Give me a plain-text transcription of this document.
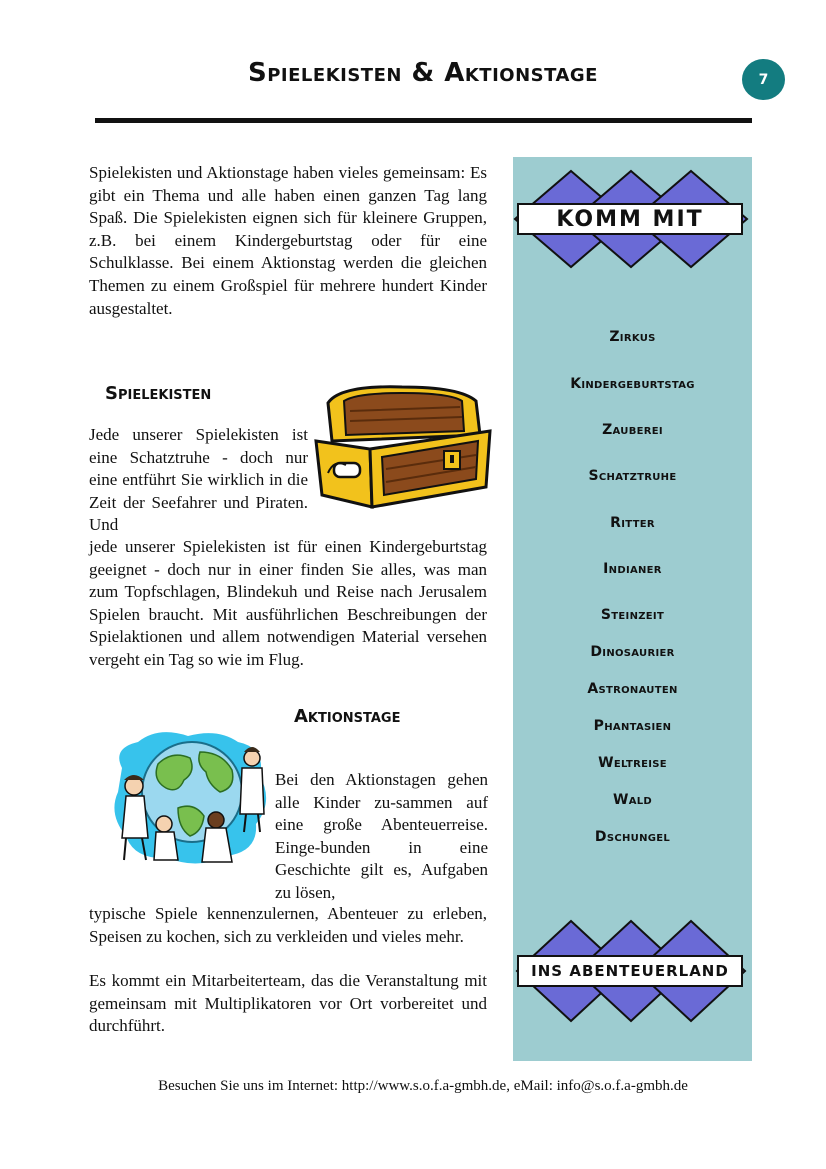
Spielekisten & Aktionstage	7

Spielekisten und Aktionstage haben vieles gemeinsam: Es gibt ein Thema und alle haben einen ganzen Tag lang Spaß. Die Spielekisten eignen sich für kleinere Gruppen, z.B. bei einem Kindergeburtstag oder für eine Schulklasse. Bei einem Aktionstag werden die gleichen Themen zu einem Großspiel für mehrere hundert Kinder ausgestaltet.

Spielekisten

Jede unserer Spielekisten ist eine Schatztruhe - doch nur eine entführt Sie wirklich in die Zeit der Seefahrer und Piraten. Und

jede unserer Spielekisten ist für einen Kindergeburtstag geeignet - doch nur in einer finden Sie alles, was man zum Topfschlagen, Blindekuh und Reise nach Jerusalem Spielen braucht. Mit ausführlichen Beschreibungen der Spielaktionen und allem notwendigen Material versehen vergeht ein Tag so wie im Flug.

Aktionstage

Bei den Aktionstagen gehen alle Kinder zu-sammen auf eine große Abenteuerreise. Einge-bunden in eine Geschichte gilt es, Aufgaben zu lösen,

typische Spiele kennenzulernen, Abenteuer zu erleben, Speisen zu kochen, sich zu verkleiden und vieles mehr.

Es kommt ein Mitarbeiterteam, das die Veranstaltung mit gemeinsam mit Multiplikatoren vor Ort vorbereitet und durchführt.

KOMM MIT
Zirkus
Kindergeburtstag
Zauberei
Schatztruhe
Ritter
Indianer
Steinzeit
Dinosaurier
Astronauten
Phantasien
Weltreise
Wald
Dschungel
INS ABENTEUERLAND
Besuchen Sie uns im Internet: http://www.s.o.f.a-gmbh.de, eMail: info@s.o.f.a-gmbh.de
